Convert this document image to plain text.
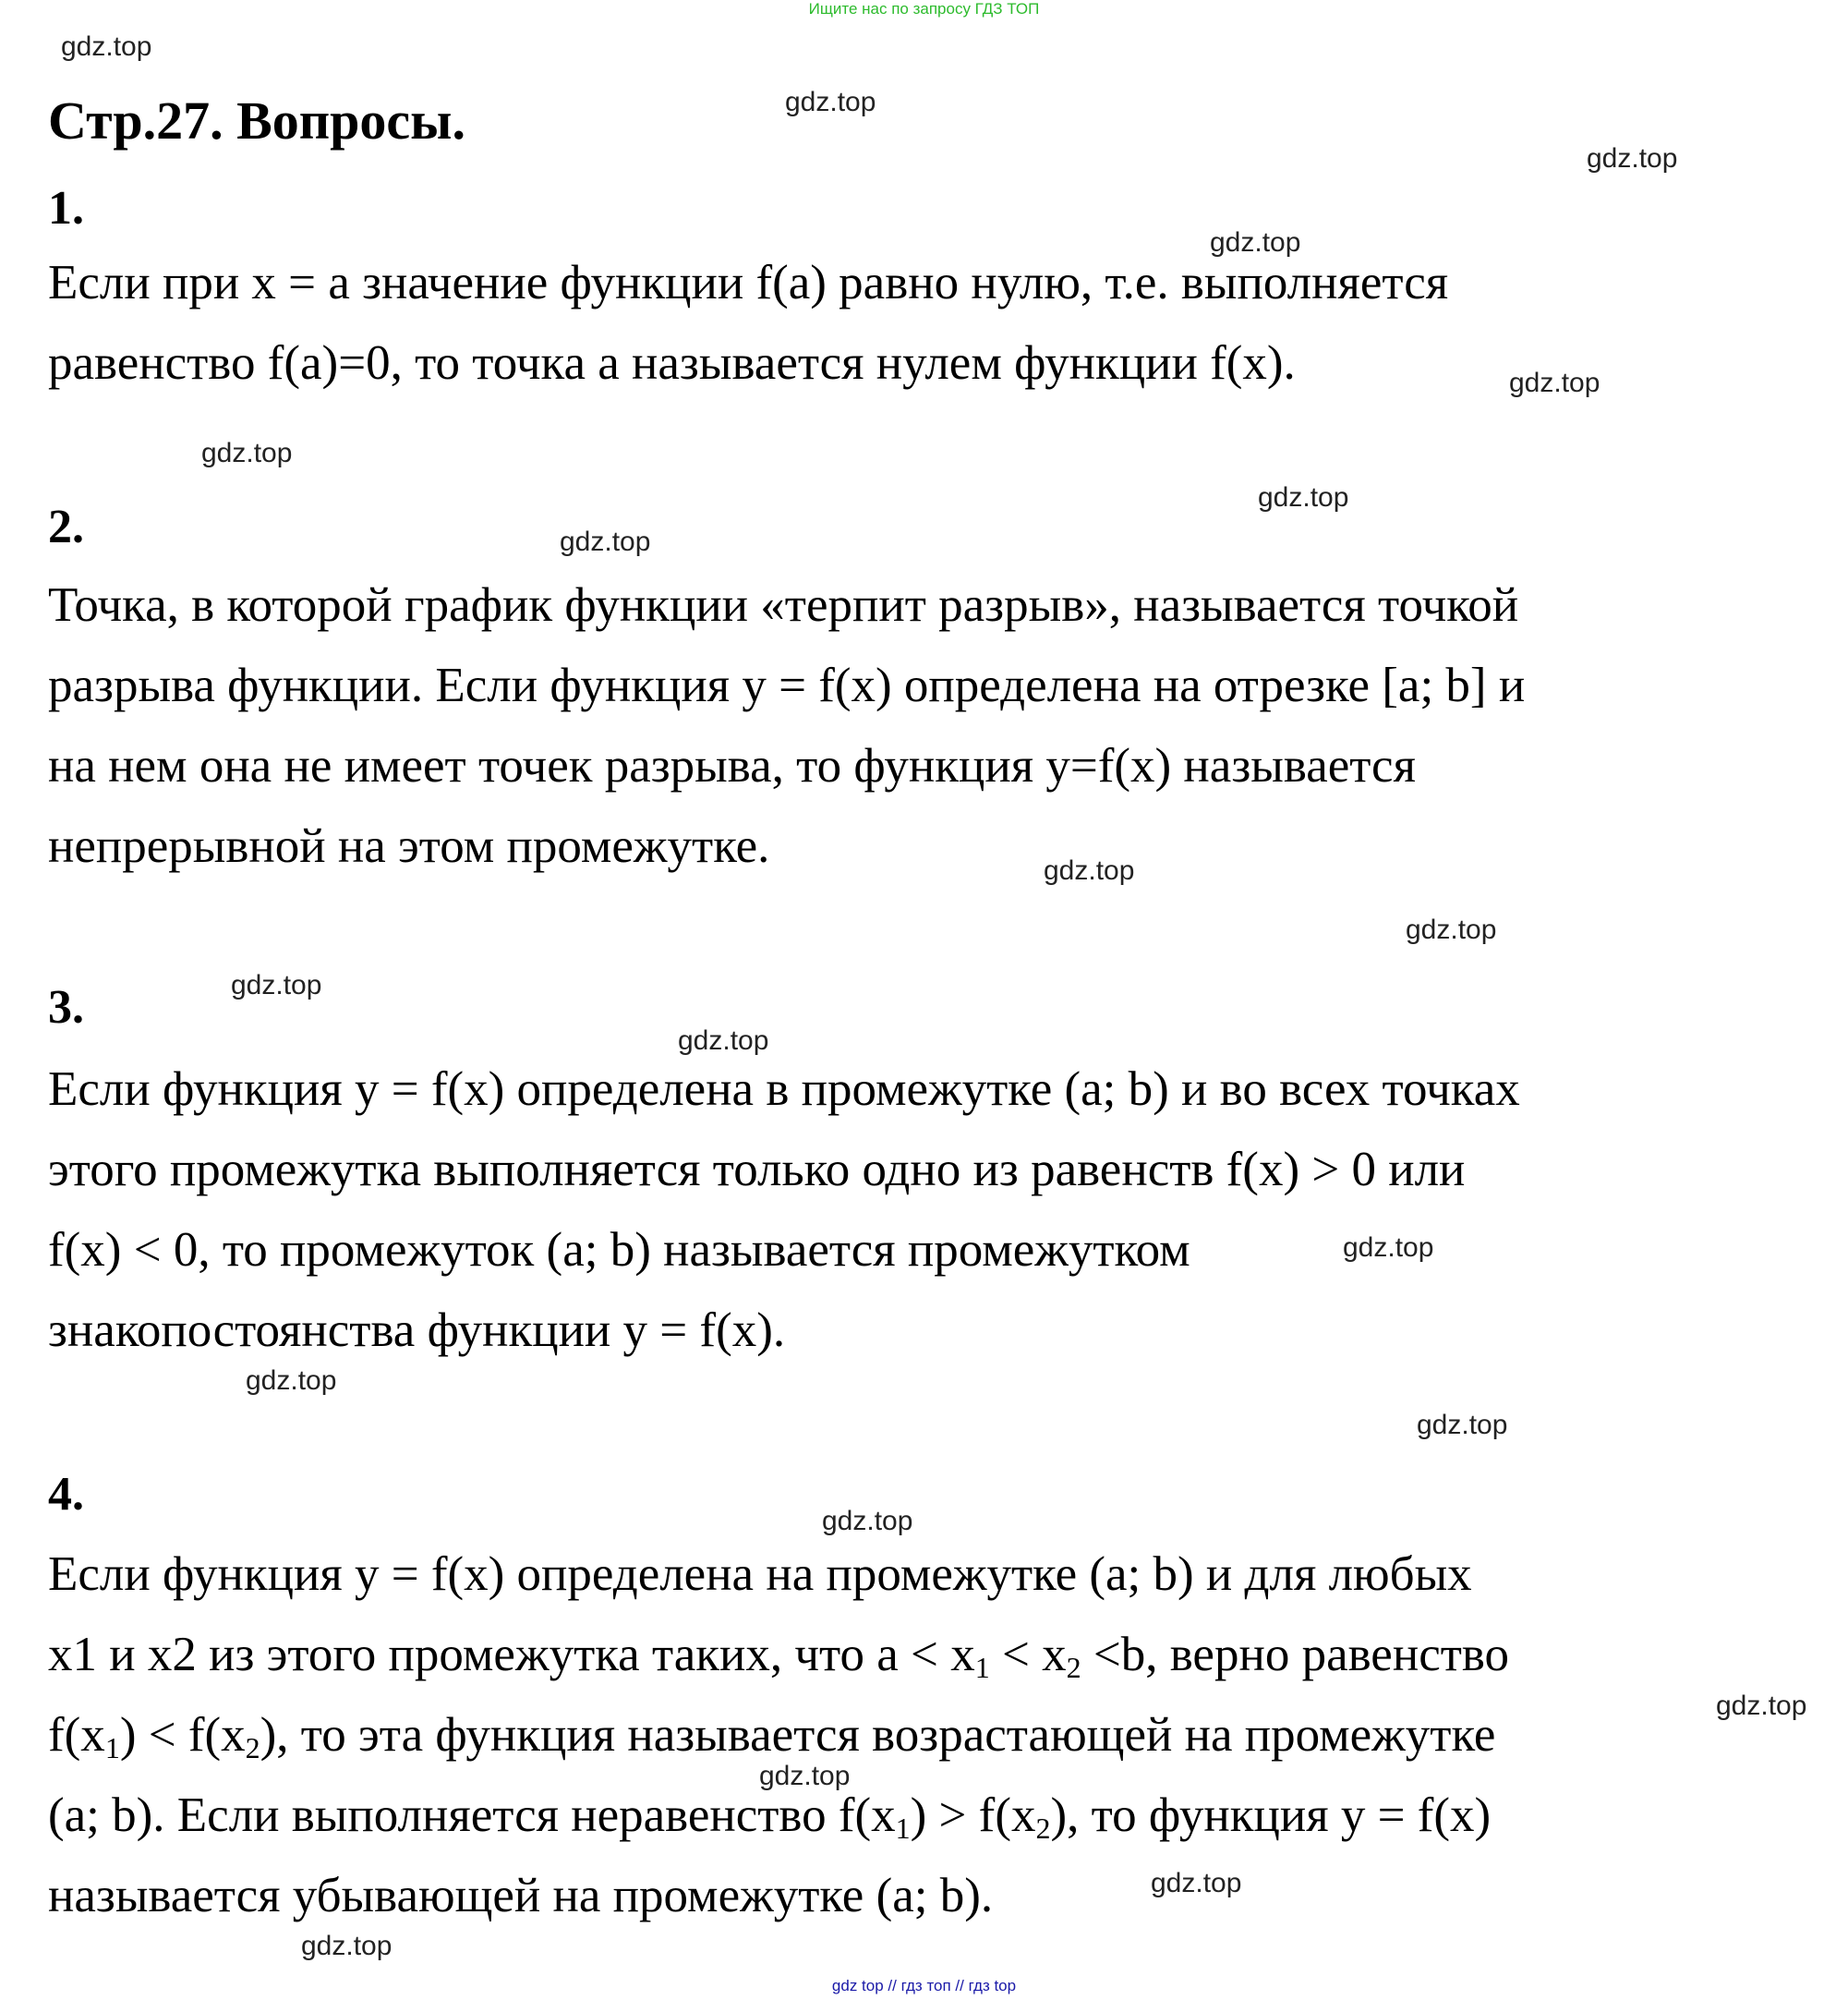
Ищите нас по запросу ГДЗ ТОП
Стр.27. Вопросы.
1.

Если при x = a значение функции f(a) равно нулю, т.е. выполняется
равенство f(a)=0, то точка а называется нулем функции f(x).

2.

Точка, в которой график функции «терпит разрыв», называется точкой
разрыва функции. Если функция y = f(x) определена на отрезке [a; b] и
на нем она не имеет точек разрыва, то функция y=f(x) называется
непрерывной на этом промежутке.

3.

Если функция y = f(x) определена в промежутке (a; b) и во всех точках
этого промежутка выполняется только одно из равенств f(x) > 0 или
f(x) < 0, то промежуток (a; b) называется промежутком
знакопостоянства функции y = f(x).

4.

Если функция y = f(x) определена на промежутке (a; b) и для любых
x1 и x2 из этого промежутка таких, что $a < x_1 < x_2 <b$, верно равенство
$f(x_1) < f(x_2)$, то эта функция называется возрастающей на промежутке
(a; b). Если выполняется неравенство $f(x_1) > f(x_2)$, то функция y = f(x)
называется убывающей на промежутке (a; b).

gdz.top
gdz.top
gdz.top
gdz.top
gdz.top
gdz.top
gdz.top
gdz.top
gdz.top
gdz.top
gdz.top
gdz.top
gdz.top
gdz.top
gdz.top
gdz.top
gdz.top
gdz.top
gdz.top
gdz.top
gdz top // гдз топ // гдз top
